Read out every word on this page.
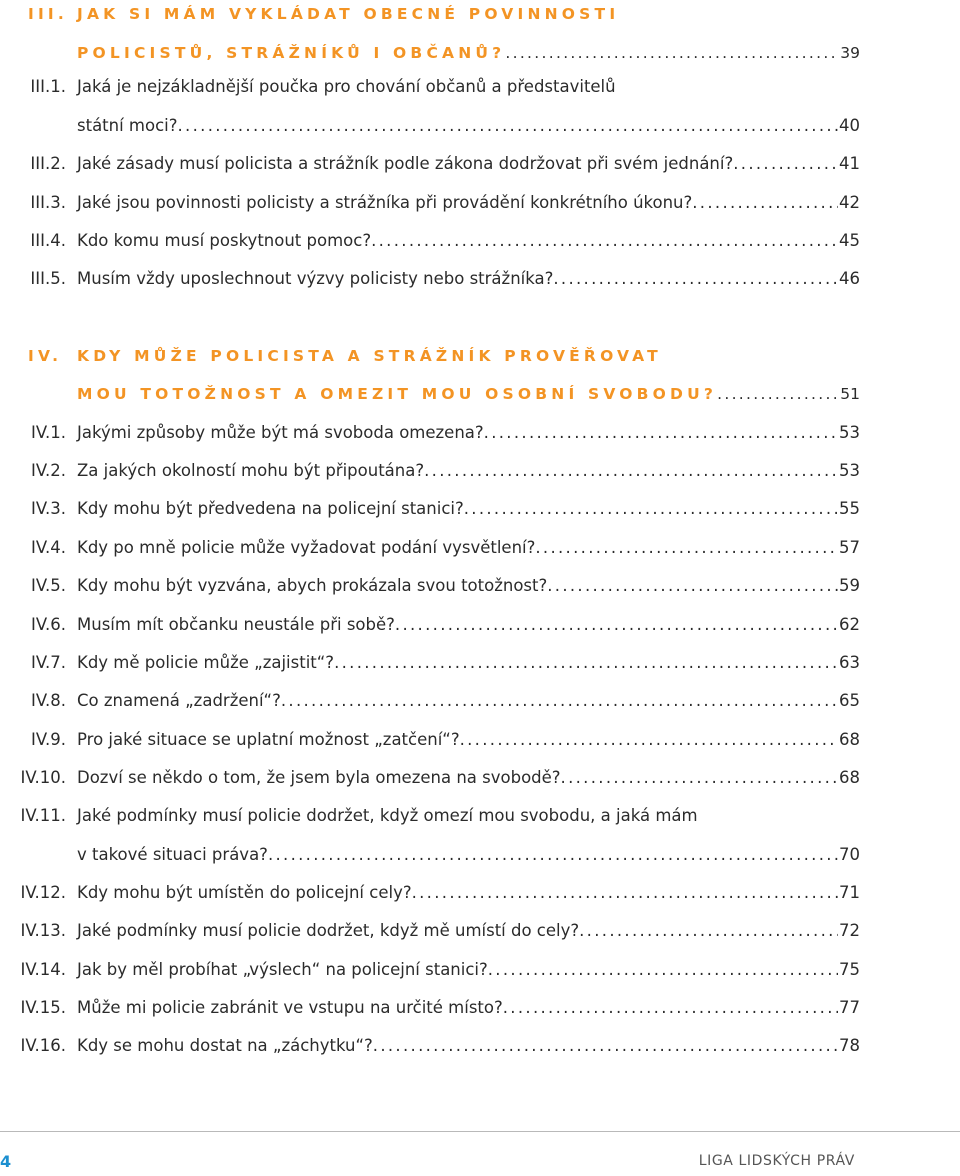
III. JAK SI MÁM VYKLÁDAT OBECNÉ POVINNOSTI
POLICISTŮ, STRÁŽNÍKŮ I OBČANŮ? .....	39
III.1. Jaká je nejzákladnější poučka pro chování občanů a představitelů
státní moci? .....	40
III.2. Jaké zásady musí policista a strážník podle zákona dodržovat při svém jednání? .....	41
III.3. Jaké jsou povinnosti policisty a strážníka při provádění konkrétního úkonu? .....	42
III.4. Kdo komu musí poskytnout pomoc? .....	45
III.5. Musím vždy uposlechnout výzvy policisty nebo strážníka? .....	46
IV. KDY MŮŽE POLICISTA A STRÁŽNÍK PROVĚŘOVAT
MOU TOTOŽNOST A OMEZIT MOU OSOBNÍ SVOBODU? .....	51
IV.1. Jakými způsoby může být má svoboda omezena? .....	53
IV.2. Za jakých okolností mohu být připoutána? .....	53
IV.3. Kdy mohu být předvedena na policejní stanici? .....	55
IV.4. Kdy po mně policie může vyžadovat podání vysvětlení? .....	57
IV.5. Kdy mohu být vyzvána, abych prokázala svou totožnost? .....	59
IV.6. Musím mít občanku neustále při sobě? .....	62
IV.7. Kdy mě policie může „zajistit“? .....	63
IV.8. Co znamená „zadržení“? .....	65
IV.9. Pro jaké situace se uplatní možnost „zatčení“? .....	68
IV.10. Dozví se někdo o tom, že jsem byla omezena na svobodě? .....	68
IV.11. Jaké podmínky musí policie dodržet, když omezí mou svobodu, a jaká mám
v takové situaci práva? .....	70
IV.12. Kdy mohu být umístěn do policejní cely? .....	71
IV.13. Jaké podmínky musí policie dodržet, když mě umístí do cely? .....	72
IV.14. Jak by měl probíhat „výslech“ na policejní stanici? .....	75
IV.15. Může mi policie zabránit ve vstupu na určité místo? .....	77
IV.16. Kdy se mohu dostat na „záchytku“? .....	78
4	LIGA LIDSKÝCH PRÁV
